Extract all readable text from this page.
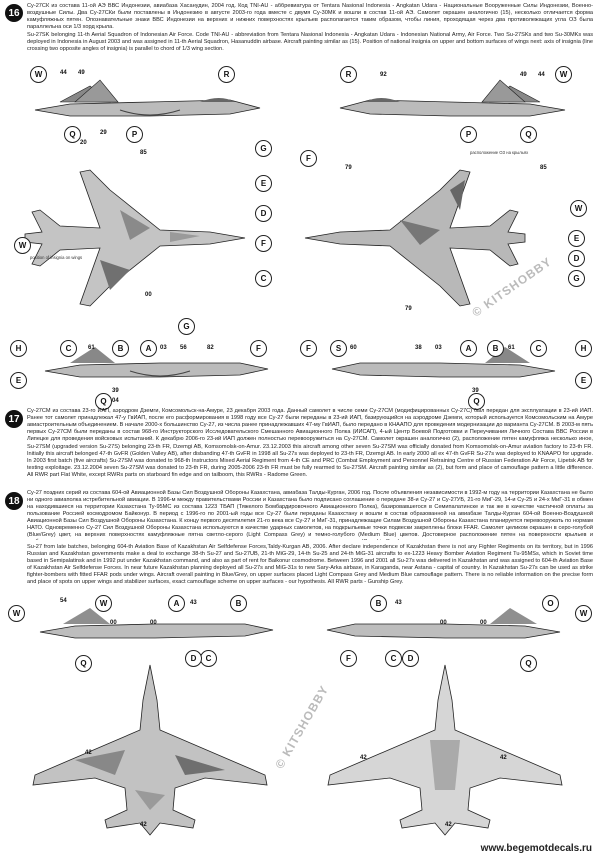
16
Су-27СК из состава 11-ой АЭ ВВС Индонезии, авиабаза Хасанудин, 2004 год. Код TNI-AU - аббревиатура от Tentara Nasional Indonesia - Angkatan Udara - Национальные Вооруженные Силы Индонезии, Военно-воздушные Силы. Два Су-27СКи были поставлены в Индонезию в августе 2003-го года вместе с двумя Су-30МК и вошли в состав 11-ой АЭ. Самолет окрашен аналогично (15), несколько отличается форма камуфляжных пятен. Опознавательные знаки ВВС Индонезии на верхних и нижних поверхностях крыльев располагается таким образом, чтобы линия, проходящая через два противолежащих угла ОЗ была параллельна оси 1/3 хорд крыла.
Su-27SK belonging 11-th Aerial Squadron of Indonesian Air Force. Code TNI-AU - abbreviation from Tentara Nasional Indonesia - Angkatan Udara - Indonesian National Army, Air Force. Two Su-27SKs and two Su-30MKs was deployed in Indonesia in August 2003 and was assigned in 11-th Aerial Squadron, Hasanuddin airbase. Aircraft painting similar as (15). Position of national insignia on upper and bottom surfaces of wings next: axis of insignia (line crossing two opposite angles of insignia) is parallel to chord of 1/3 wing section.
W	44 49
Q	P
R
29
20
W
92	49 44
Q
P
R
85
00
79	85
79
G
E
D
F
C
F
W
G
W
E
D
G
position of insignia on wings
расположение ОЗ на крыльях
© KITSHOBBY
H	C	B	A	F
Q
E
61	03 56	82
39
04
H
C
B
A
S
F
Q
E
38 03	61
39
60
17
Су-27СМ из состава 23-го ИАП, аэродром Дземги, Комсомольск-на-Амуре, 23 декабря 2003 года. Данный самолет в числе семи Су-27СМ (модифицированных Су-27С) был передан для эксплуатации в 23-ий ИАП. Ранее тот самолет принадлежал 47-у ГвИАП, после его расформирования в 1998 году все Су-27 были переданы в 23-ий ИАП, базирующийся на аэродроме Дземги, который используется Комсомольским на Амуре авиастроительным объединением. В начале 2000-х большинство Су-27, из числа ранее принадлежавших 47-му ГвИАП, было передано в КНААПО для проведения модернизации до варианта Су-27СМ. В 2003-м пять первых Су-27СМ были переданы в состав 968-го Инструкторского Исследовательского Смешанного Авиационного Полка (ИИСАП), 4-ый Центр Боевой Подготовки и Переучивания Личного Состава ВВС России в Липецке для проведения войсковых испытаний. К декабрю 2006-го 23-ий ИАП должен полностью перевооружиться на Су-27СМ. Самолет окрашен аналогично (2), расположение пятен камуфляжа несколько иное,
Su-27SM (upgraded version Su-27S) belonging 23-th FR, Dzemgi AB, Komsomolsk-on-Amur. 23.12.2003 this aircraft among other seven Su-27SM was officially donated from Komsomolsk-on-Amur aviation factory to 23-th FR. Initially this aircraft belonged 47-th GvFR (Golden Valley AB), after disbanding 47-th GvFR in 1998 all Su-27s was deployed to 23-th FR, Dzemgi AB. In early 2000 all ex 47-th GvFR Su-27s was deployed to KNAAPO for upgrade. In 2003 first batch (five aircrafts) Su-27SM was donated to 968-th Instructors Mixed Aerial Regiment from 4-th CE and PRC (Combat Employment and Personnel Retraining Centre of Russian Federation Air Force, Lipetsk AB for testing exploitage. 23.12.2004 seven Su-27SM was donated to 23-th FR, during 2005-2006 23-th FR must be fully rearmed to Su-27SM. Aircraft painting similar as (2), but form and place of camouflage pattern a little difference. All RWR part Flat White, except RWRs parts on starboard fin edge and on tailboom, this RWRs - Radome Green.
18
Су-27 поздних серий из состава 604-ой Авиационной Базы Сил Воздушной Обороны Казахстана, авиабаза Талды-Курган, 2006 год. После объявления независимости в 1992-м году на территории Казахстана не было ни одного авиаполка истребительной авиации. В 1996-м между правительствами России и Казахстана было подписано соглашение о передаче 38-и Су-27 и Су-27УБ, 21-го МиГ-29, 14-и Су-25 и 24-х МиГ-31 в обмен на находившиеся на территории Казахстана Ту-95МС из состава 1223 ТБАП (Тяжелого Бомбардировочного Авиационного Полка), базировавшегося в Семипалатинске и так же в качестве частичной оплаты за пользование Россией космодромом Байконур. В период с 1996-го по 2001-ый годы все Су-27 были переданы Казахстану и вошли в состав образованной на авиабазе Талды-Курган 604-ой Военно-Воздушной Авиационной Базы Сил Воздушной Обороны Казахстана. К концу первого десятилетия 21-го века все Су-27 и МиГ-31, принадлежащие Силам Воздушной Обороны Казахстана планируется перевооружать по нормам НАТО. Одновременно Су-27 Сил Воздушной Обороны Казахстана используются в качестве ударных самолетов, на подкрыльевые точки подвески закреплены блоки FFAR. Самолет целиком окрашен в серо-голубой (Blue/Grey) цвет, на верхних поверхностях камуфляжные пятна светло-серого (Light Compass Grey) и темно-голубого (Medium Blue) цветов. Достоверное расположение пятен на поверхности крыльев и
Su-27 from late batches, belonging 604-th Aviation Base of Kazakhstan Air Selfdefense Forces,Taldy-Kurgan AB, 2006. After declare independence of Kazakhstan there is not any Fighter Regiments on its territory, but in 1996 Russian and Kazakhstan governments make a deal to exchange 38-th Su-27 and Su-27UB, 21-th MiG-29, 14-th Su-25 and 24-th MiG-31 aircrafts to ex-1223 Heavy Bomber Aviation Regiment Tu-95MSs, which in Soviet time based in Semipalatinsk and in 1992 put under Kazakhstan command, and also as part of rent for Baikonur cosmodrome. Between 1996 and 2001 all Su-27s was delivered in Kazakhstan and was assigned to 604-th Aviation Base of Kazakhstan Air Selfdefense Forces. In near future Kazakhstan planning deployed all Su-27s and MiG-31s to new Sary-Arka airbase, in Karaganda, near Astana - capital of country. In Kazakhstan Su-27s can be used as strike fighter-bombers with fitted FFAR pods under wings. Aircraft overall painting in Blue/Grey, on upper surfaces placed Light Compass Grey and Medium Blue camouflage pattern. There is no reliable information on the precise form and place of spots on upper wings and stabilizer surfaces, exact camouflage scheme on upper surfaces - our hypothesis. All RWR parts - Gunship Grey.
W
W	A	B
C
D
Q
54
00	00
43	B	O
W
Q
C	D
F
43
00	00
42
42
42	42
42
© KITSHOBBY
www.begemotdecals.ru
